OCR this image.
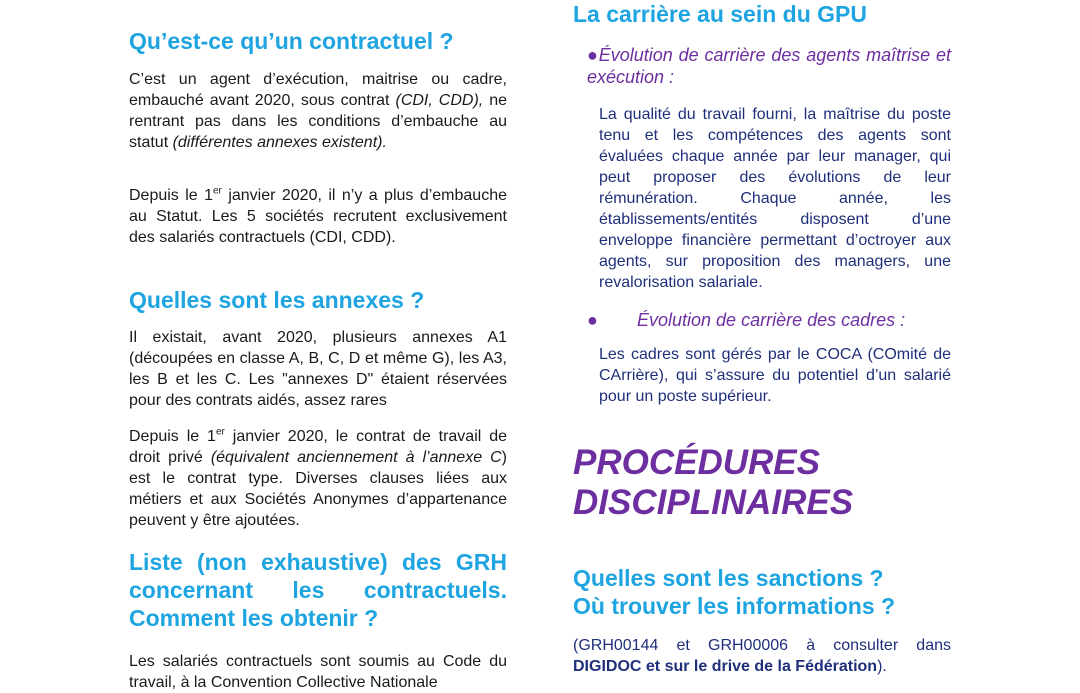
Qu’est-ce qu’un contractuel ?

C’est un agent d’exécution, maitrise ou cadre, embauché avant 2020, sous contrat (CDI, CDD), ne rentrant pas dans les conditions d’embauche au statut (différentes annexes existent).

Depuis le 1er janvier 2020, il n’y a plus d’embauche au Statut. Les 5 sociétés recrutent exclusivement des salariés contractuels (CDI, CDD).

Quelles sont les annexes ?

Il existait, avant 2020, plusieurs annexes A1 (découpées en classe A, B, C, D et même G), les A3, les B et les C. Les "annexes D" étaient réservées pour des contrats aidés, assez rares

Depuis le 1er janvier 2020, le contrat de travail de droit privé (équivalent anciennement à l’annexe C) est le contrat type. Diverses clauses liées aux métiers et aux Sociétés Anonymes d’appartenance peuvent y être ajoutées.

Liste (non exhaustive) des GRH concernant les contractuels. Comment les obtenir ?

Les salariés contractuels sont soumis au Code du travail, à la Convention Collective Nationale

La carrière au sein du GPU
●Évolution de carrière des agents maîtrise et exécution :

La qualité du travail fourni, la maîtrise du poste tenu et les compétences des agents sont évaluées chaque année par leur manager, qui peut proposer des évolutions de leur rémunération. Chaque année, les établissements/entités disposent d’une enveloppe financière permettant d’octroyer aux agents, sur proposition des managers, une revalorisation salariale.

● Évolution de carrière des cadres :

Les cadres sont gérés par le COCA (COmité de CArrière), qui s’assure du potentiel d’un salarié pour un poste supérieur.

PROCÉDURES
DISCIPLINAIRES
Quelles sont les sanctions ?
Où trouver les informations ?

(GRH00144 et GRH00006 à consulter dans DIGIDOC et sur le drive de la Fédération).
